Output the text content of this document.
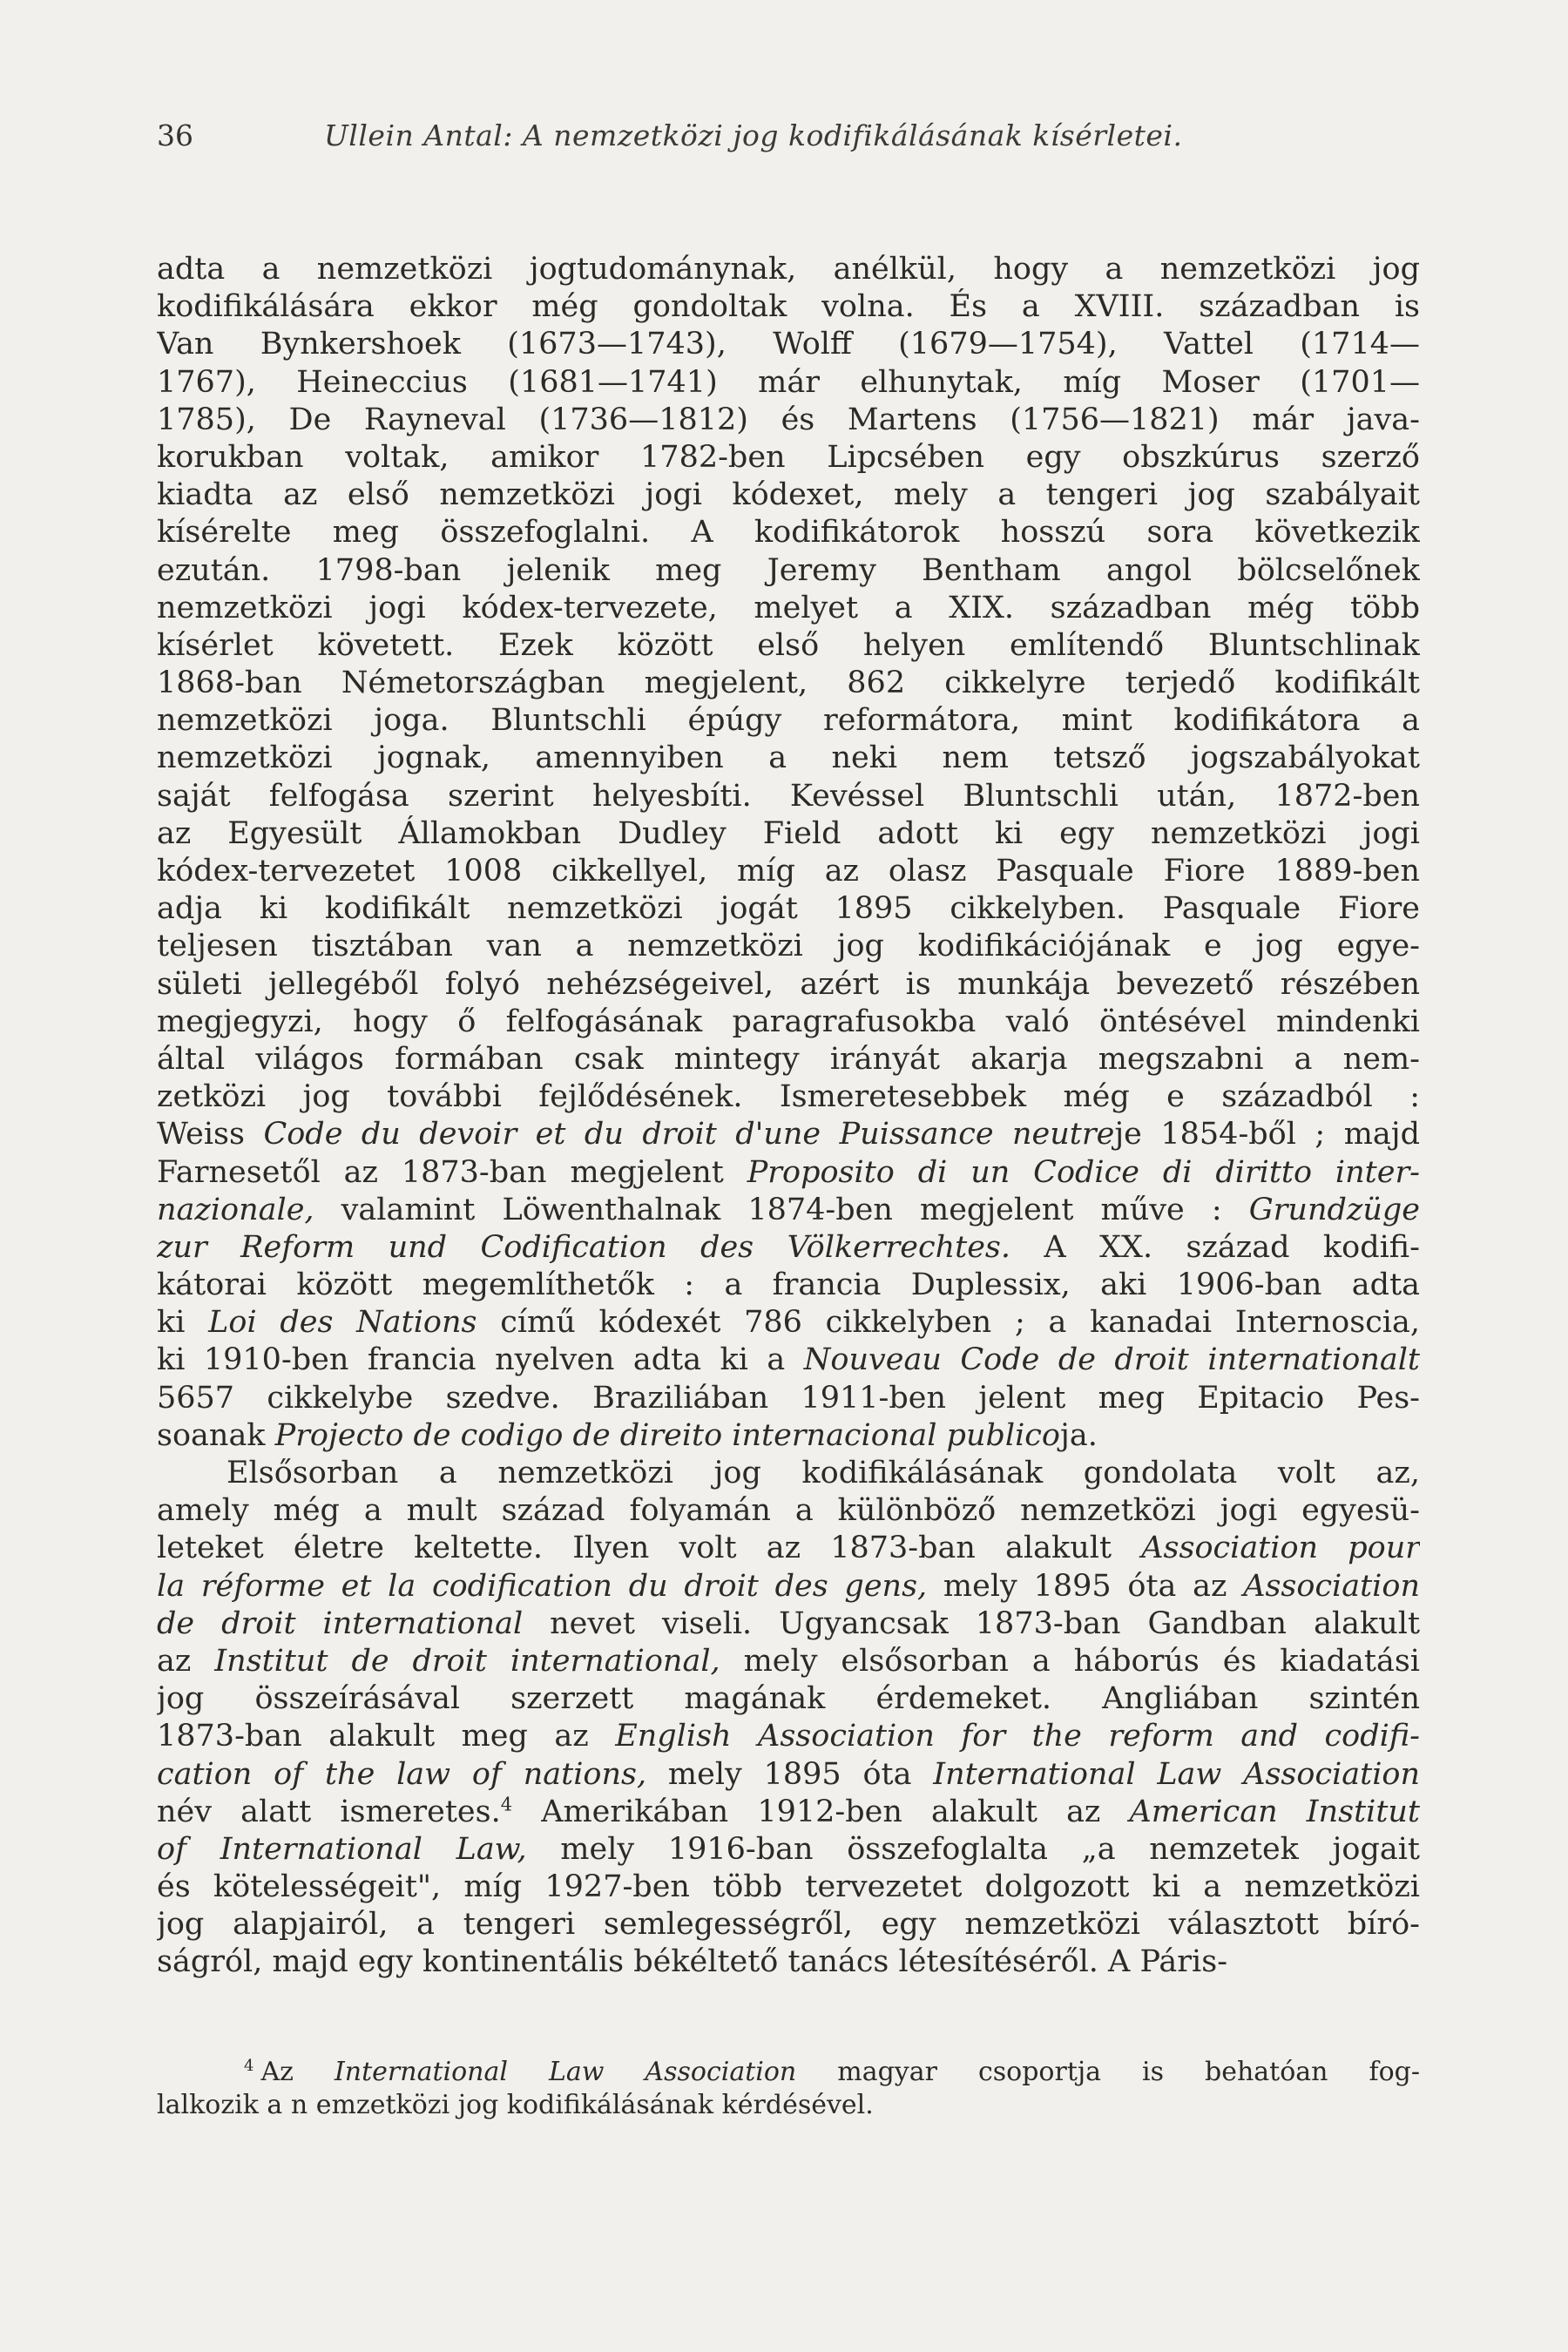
36	Ullein Antal: A nemzetközi jog kodifikálásának kísérletei.
adta a nemzetközi jogtudománynak, anélkül, hogy a nemzetközi jog
kodifikálására ekkor még gondoltak volna. És a XVIII. században is
Van Bynkershoek (1673—1743), Wolff (1679—1754), Vattel (1714—
1767), Heineccius (1681—1741) már elhunytak, míg Moser (1701—
1785), De Rayneval (1736—1812) és Martens (1756—1821) már java-
korukban voltak, amikor 1782-ben Lipcsében egy obszkúrus szerző
kiadta az első nemzetközi jogi kódexet, mely a tengeri jog szabályait
kísérelte meg összefoglalni. A kodifikátorok hosszú sora következik
ezután. 1798-ban jelenik meg Jeremy Bentham angol bölcselőnek
nemzetközi jogi kódex-tervezete, melyet a XIX. században még több
kísérlet követett. Ezek között első helyen említendő Bluntschlinak
1868-ban Németországban megjelent, 862 cikkelyre terjedő kodifikált
nemzetközi joga. Bluntschli épúgy reformátora, mint kodifikátora a
nemzetközi jognak, amennyiben a neki nem tetsző jogszabályokat
saját felfogása szerint helyesbíti. Kevéssel Bluntschli után, 1872-ben
az Egyesült Államokban Dudley Field adott ki egy nemzetközi jogi
kódex-tervezetet 1008 cikkellyel, míg az olasz Pasquale Fiore 1889-ben
adja ki kodifikált nemzetközi jogát 1895 cikkelyben. Pasquale Fiore
teljesen tisztában van a nemzetközi jog kodifikációjának e jog egye-
sületi jellegéből folyó nehézségeivel, azért is munkája bevezető részében
megjegyzi, hogy ő felfogásának paragrafusokba való öntésével mindenki
által világos formában csak mintegy irányát akarja megszabni a nem-
zetközi jog további fejlődésének. Ismeretesebbek még e századból :
Weiss Code du devoir et du droit d'une Puissance neutreje 1854-ből ; majd
Farnesetől az 1873-ban megjelent Proposito di un Codice di diritto inter-
nazionale, valamint Löwenthalnak 1874-ben megjelent műve : Grundzüge
zur Reform und Codification des Völkerrechtes. A XX. század kodifi-
kátorai között megemlíthetők : a francia Duplessix, aki 1906-ban adta
ki Loi des Nations című kódexét 786 cikkelyben ; a kanadai Internoscia,
ki 1910-ben francia nyelven adta ki a Nouveau Code de droit internationalt
5657 cikkelybe szedve. Braziliában 1911-ben jelent meg Epitacio Pes-
soanak Projecto de codigo de direito internacional publicoja.
Elsősorban a nemzetközi jog kodifikálásának gondolata volt az,
amely még a mult század folyamán a különböző nemzetközi jogi egyesü-
leteket életre keltette. Ilyen volt az 1873-ban alakult Association pour
la réforme et la codification du droit des gens, mely 1895 óta az Association
de droit international nevet viseli. Ugyancsak 1873-ban Gandban alakult
az Institut de droit international, mely elsősorban a háborús és kiadatási
jog összeírásával szerzett magának érdemeket. Angliában szintén
1873-ban alakult meg az English Association for the reform and codifi-
cation of the law of nations, mely 1895 óta International Law Association
név alatt ismeretes.$^4$ Amerikában 1912-ben alakult az American Institut
of International Law, mely 1916-ban összefoglalta „a nemzetek jogait
és kötelességeit", míg 1927-ben több tervezetet dolgozott ki a nemzetközi
jog alapjairól, a tengeri semlegességről, egy nemzetközi választott bíró-
ságról, majd egy kontinentális békéltető tanács létesítéséről. A Páris-
$^4$ Az International Law Association magyar csoportja is behatóan fog-
lalkozik a n emzetközi jog kodifikálásának kérdésével.
